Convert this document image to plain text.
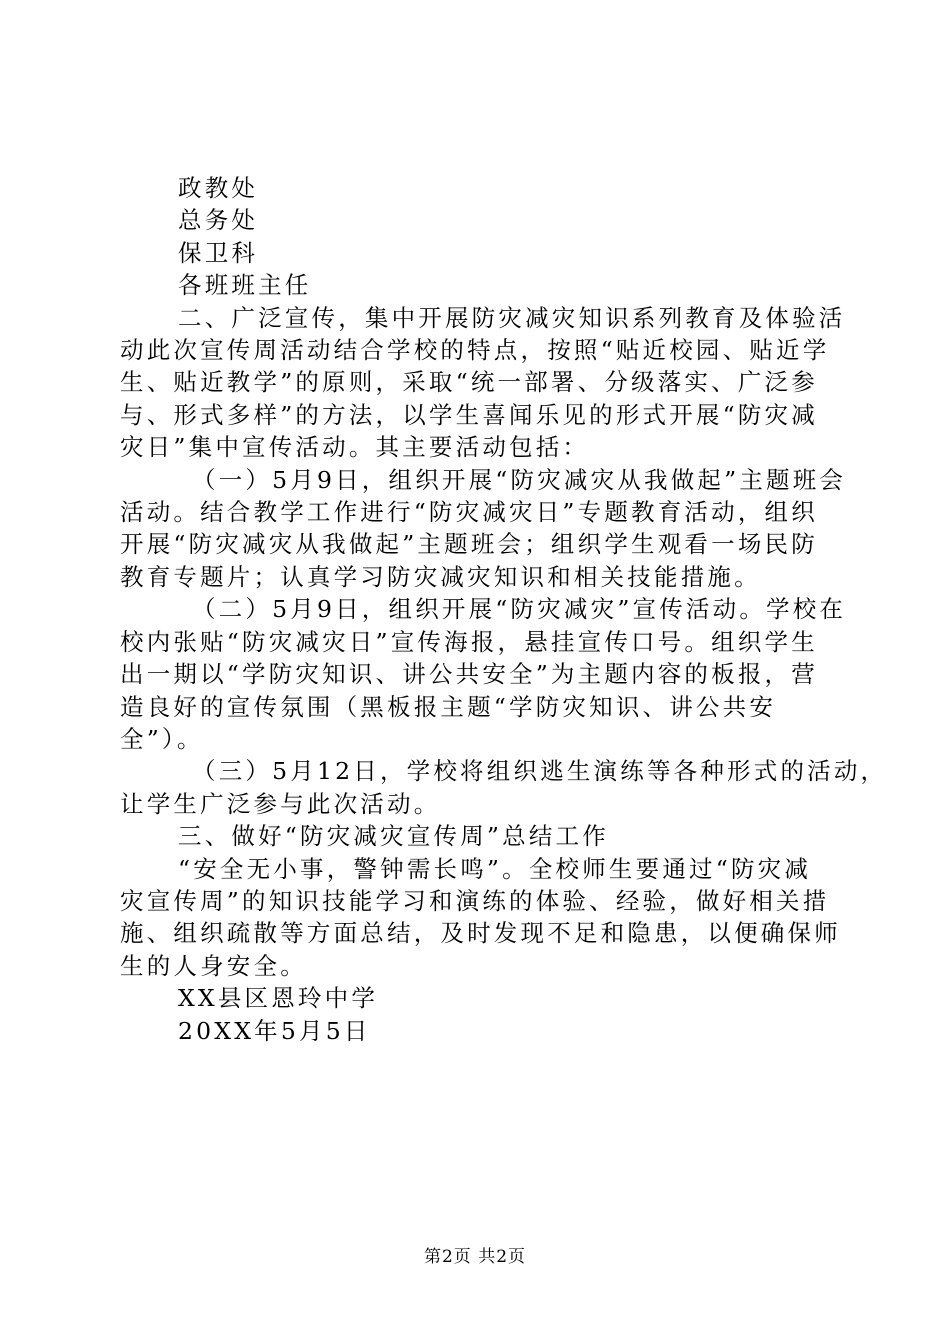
政教处
总务处
保卫科
各班班主任
二、广泛宣传，集中开展防灾减灾知识系列教育及体验活
动此次宣传周活动结合学校的特点，按照“贴近校园、贴近学
生、贴近教学”的原则，采取“统一部署、分级落实、广泛参
与、形式多样”的方法，以学生喜闻乐见的形式开展“防灾减
灾日”集中宣传活动。其主要活动包括：
（一）5月9日，组织开展“防灾减灾从我做起”主题班会
活动。结合教学工作进行“防灾减灾日”专题教育活动，组织
开展“防灾减灾从我做起”主题班会；组织学生观看一场民防
教育专题片；认真学习防灾减灾知识和相关技能措施。
（二）5月9日，组织开展“防灾减灾”宣传活动。学校在
校内张贴“防灾减灾日”宣传海报，悬挂宣传口号。组织学生
出一期以“学防灾知识、讲公共安全”为主题内容的板报，营
造良好的宣传氛围（黑板报主题“学防灾知识、讲公共安
全”）。
（三）5月12日，学校将组织逃生演练等各种形式的活动，
让学生广泛参与此次活动。
三、做好“防灾减灾宣传周”总结工作
“安全无小事，警钟需长鸣”。全校师生要通过“防灾减
灾宣传周”的知识技能学习和演练的体验、经验，做好相关措
施、组织疏散等方面总结，及时发现不足和隐患，以便确保师
生的人身安全。
XX县区恩玲中学
20XX年5月5日
第2页 共2页
